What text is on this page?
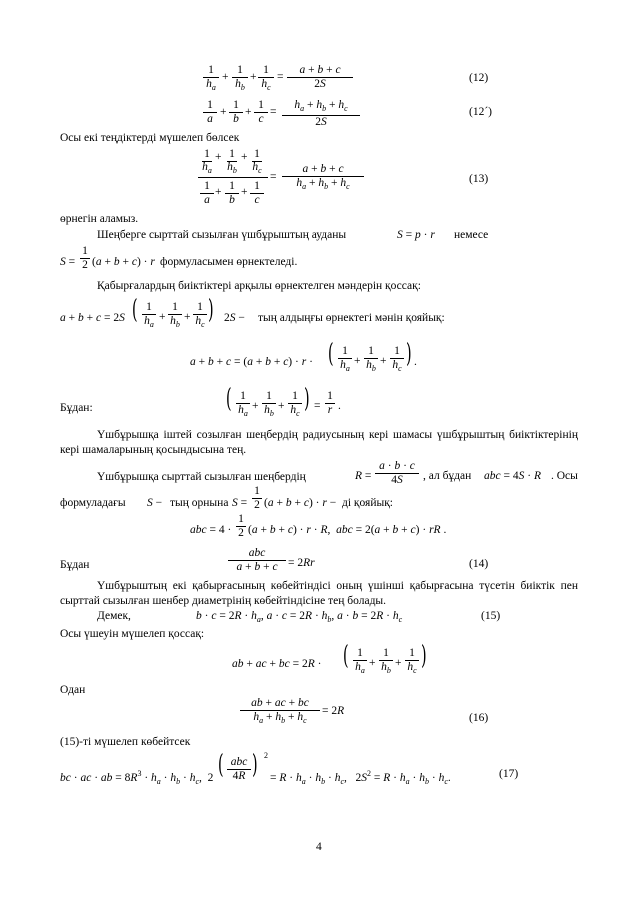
$\frac{1}{h_a} + \frac{1}{h_b} + \frac{1}{h_c} = \frac{a + b + c}{2S}$	(12)
$\frac{1}{a} + \frac{1}{b} + \frac{1}{c} = \frac{h_a + h_b + h_c}{2S}$	(12´)
Осы екі теңдіктерді мүшелеп бөлсек
1
$h_a$
+ 1
$h_b$
+ 1
$h_c$
$\frac{1}{a} + \frac{1}{b} + \frac{1}{c}$
= $\frac{a + b + c}{h_a + h_b + h_c}$	(13)
өрнегін аламыз.
Шеңберге сырттай сызылған үшбұрыштың ауданы	S = p · r немесе
$S = \frac{1}{2} (a + b + c) \cdot r$ формуласымен өрнектеледі.
Қабырғалардың биіктіктері арқылы өрнектелген мәндерін қоссақ:
a + b + c = 2S ( $\frac{1}{h_a} + \frac{1}{h_b} + \frac{1}{h_c}$ ) 2S − тың алдыңғы өрнектегі мәнін қояйық:
a + b + c = (a + b + c) · r · ( $\frac{1}{h_a} + \frac{1}{h_b} + \frac{1}{h_c}$ ) .
Бұдан:	( $\frac{1}{h_a} + \frac{1}{h_b} + \frac{1}{h_c}$ ) = $\frac{1}{r}$ .
Үшбұрышқа іштей созылған шеңбердің радиусының кері шамасы үшбұрыштың биіктіктерінің кері шамаларының қосындысына тең.
Үшбұрышқа сырттай сызылған шеңбердің	$R = \frac{a \cdot b \cdot c}{4S}$ , ал бұдан abc = 4S · R . Осы
формуладағы S − тың орнына $S = \frac{1}{2} (a + b + c) \cdot r$ − ді қояйық:
abc = $4 \cdot \frac{1}{2} (a + b + c) \cdot r \cdot R$,  abc = 2(a + b + c) · rR .
Бұдан
abc
a + b + c = 2Rr	(14)
Үшбұрыштың екі қабырғасының көбейтіндісі оның үшінші қабырғасына түсетін биіктік пен сырттай сызылған шенбер диаметрінің көбейтіндісіне тең болады.
Демек,	$b \cdot c = 2R \cdot h_a$, $a \cdot c = 2R \cdot h_b$, $a \cdot b = 2R \cdot h_c$	(15)
Осы үшеуін мүшелеп қоссақ:
ab + ac + bc = 2R · ( $\frac{1}{h_a} + \frac{1}{h_b} + \frac{1}{h_c}$ )
Одан
$\frac{ab + ac + bc}{h_a + h_b + h_c} = 2R$
(16)
(15)-ті мүшелеп көбейтсек
bc · ac · ab = $8R^3 \cdot h_a \cdot h_b \cdot h_c$,  2 ( abc
4R ) $^2$
= $R \cdot h_a \cdot h_b \cdot h_c$,   $2S^2 = R \cdot h_a \cdot h_b \cdot h_c$.	(17)
4
